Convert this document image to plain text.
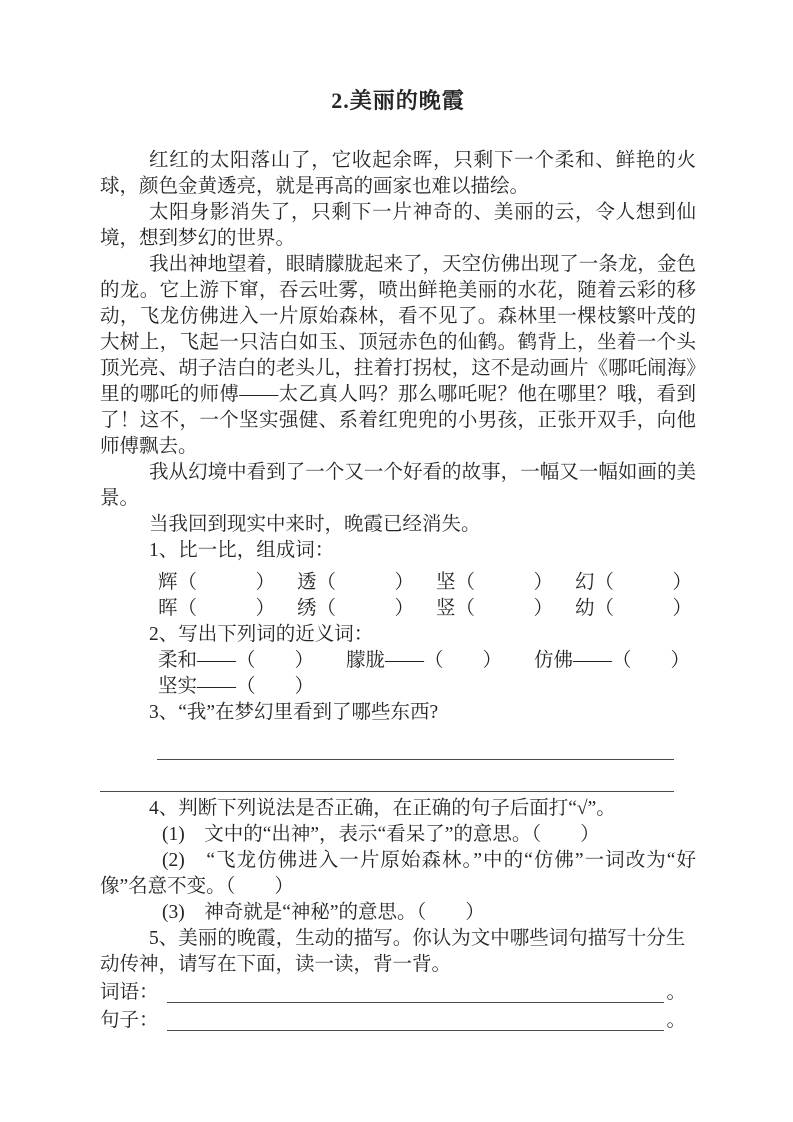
2.美丽的晚霞

红红的太阳落山了，它收起余晖，只剩下一个柔和、鲜艳的火球，颜色金黄透亮，就是再高的画家也难以描绘。

太阳身影消失了，只剩下一片神奇的、美丽的云，令人想到仙境，想到梦幻的世界。

我出神地望着，眼睛朦胧起来了，天空仿佛出现了一条龙，金色的龙。它上游下窜，吞云吐雾，喷出鲜艳美丽的水花，随着云彩的移动，飞龙仿佛进入一片原始森林，看不见了。森林里一棵枝繁叶茂的大树上，飞起一只洁白如玉、顶冠赤色的仙鹤。鹤背上，坐着一个头顶光亮、胡子洁白的老头儿，拄着打拐杖，这不是动画片《哪吒闹海》里的哪吒的师傅——太乙真人吗？那么哪吒呢？他在哪里？哦，看到了！这不，一个坚实强健、系着红兜兜的小男孩，正张开双手，向他师傅飘去。

我从幻境中看到了一个又一个好看的故事，一幅又一幅如画的美景。

当我回到现实中来时，晚霞已经消失。

1、比一比，组成词：

辉（　　　） 透（　　　） 坚（　　　） 幻（　　　）
晖（　　　） 绣（　　　） 竖（　　　） 幼（　　　）

2、写出下列词的近义词：

柔和——（　　） 朦胧——（　　） 仿佛——（　　）
坚实——（　　）

3、“我”在梦幻里看到了哪些东西?

4、判断下列说法是否正确，在正确的句子后面打“√”。

(1)　文中的“出神”，表示“看呆了”的意思。（　　）

(2)　“飞龙仿佛进入一片原始森林。”中的“仿佛”一词改为“好像”名意不变。（　　）

(3)　神奇就是“神秘”的意思。（　　）

5、美丽的晚霞，生动的描写。你认为文中哪些词句描写十分生动传神，请写在下面，读一读，背一背。

词语：	。
句子：	。
